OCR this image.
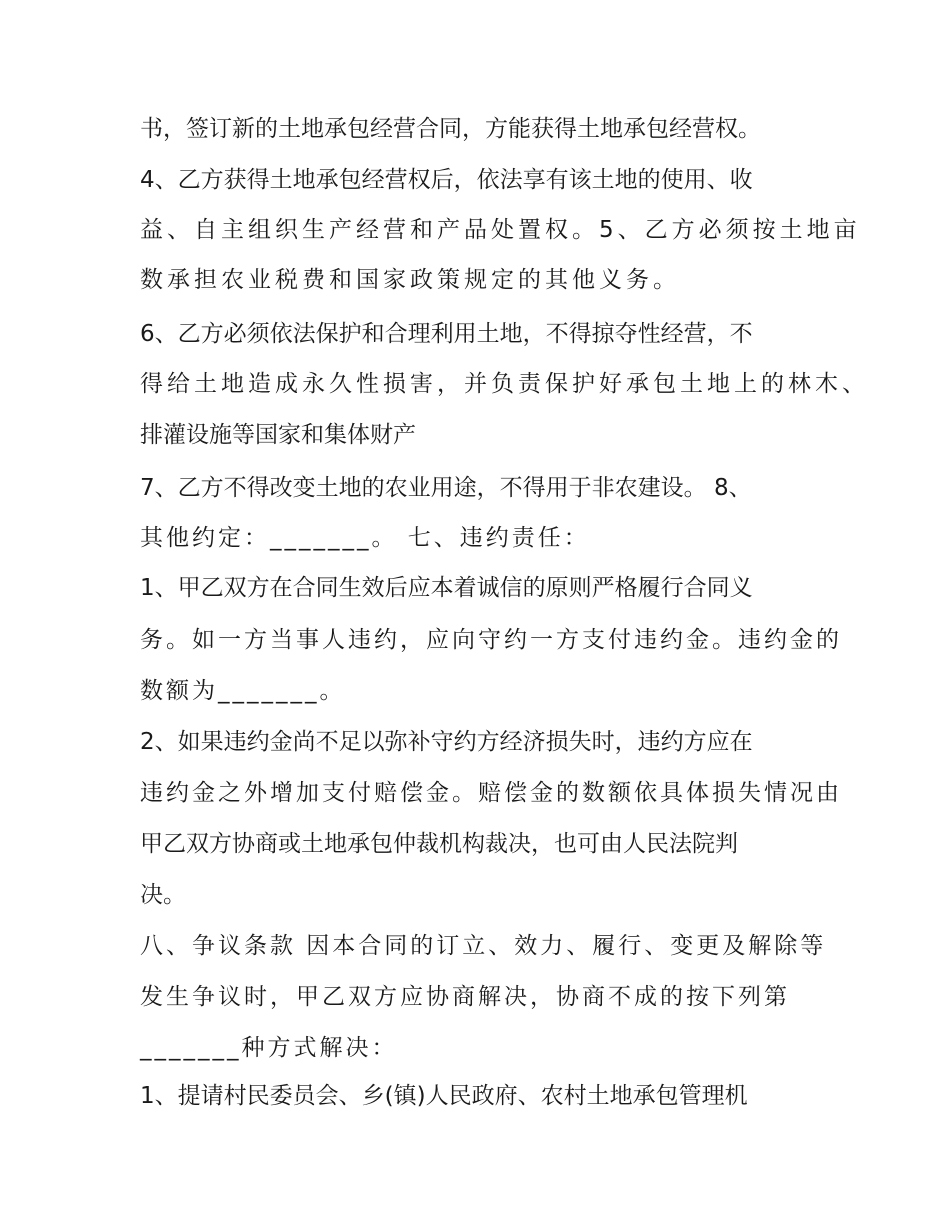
书，签订新的土地承包经营合同，方能获得土地承包经营权。
4、乙方获得土地承包经营权后，依法享有该土地的使用、收
益、自主组织生产经营和产品处置权。5、乙方必须按土地亩
数承担农业税费和国家政策规定的其他义务。
6、乙方必须依法保护和合理利用土地，不得掠夺性经营，不
得给土地造成永久性损害，并负责保护好承包土地上的林木、
排灌设施等国家和集体财产
7、乙方不得改变土地的农业用途，不得用于非农建设。 8、
其他约定：_______。 七、违约责任：
1、甲乙双方在合同生效后应本着诚信的原则严格履行合同义
务。如一方当事人违约，应向守约一方支付违约金。违约金的
数额为_______。
2、如果违约金尚不足以弥补守约方经济损失时，违约方应在
违约金之外增加支付赔偿金。赔偿金的数额依具体损失情况由
甲乙双方协商或土地承包仲裁机构裁决，也可由人民法院判
决。
八、争议条款 因本合同的订立、效力、履行、变更及解除等
发生争议时，甲乙双方应协商解决，协商不成的按下列第
_______种方式解决：
1、提请村民委员会、乡(镇)人民政府、农村土地承包管理机
